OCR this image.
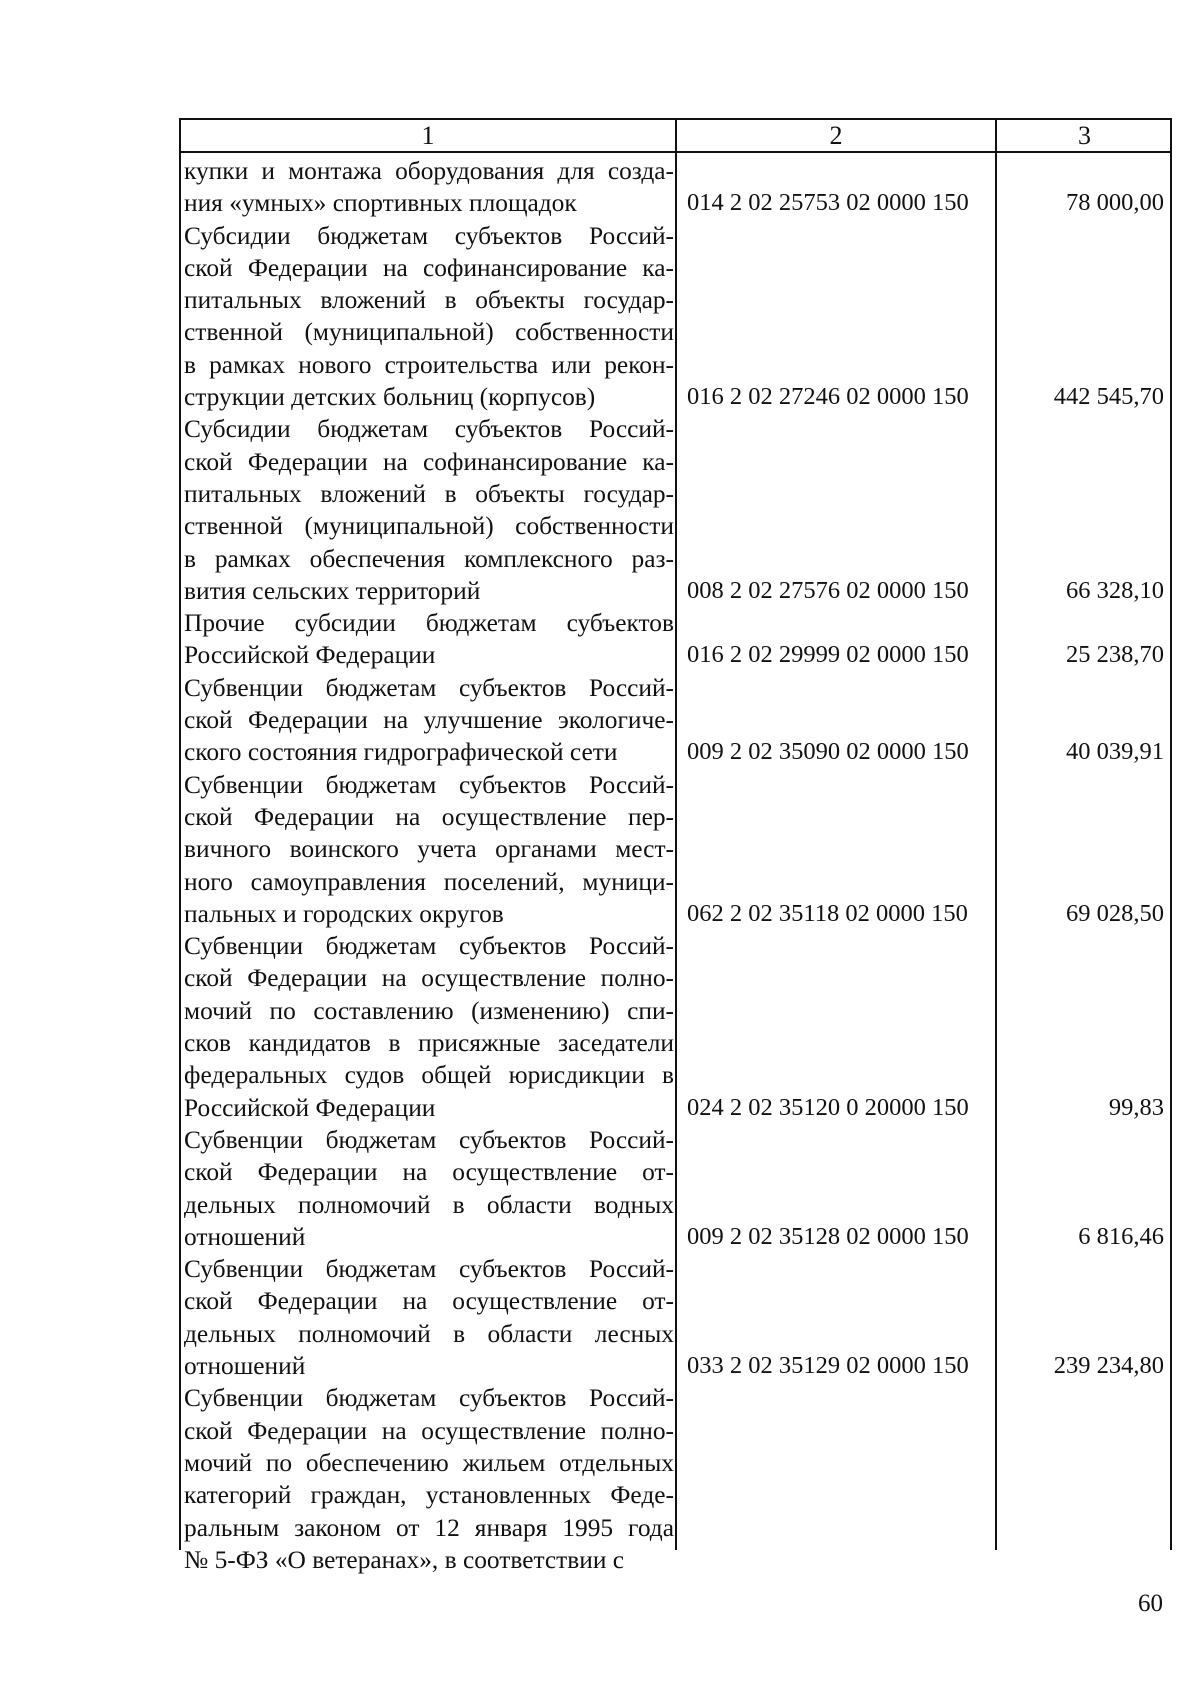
1	2	3
купки и монтажа оборудования для созда-
ния «умных» спортивных площадок	014 2 02 25753 02 0000 150	78 000,00
Субсидии бюджетам субъектов Россий-
ской Федерации на софинансирование ка-
питальных вложений в объекты государ-
ственной (муниципальной) собственности
в рамках нового строительства или рекон-
струкции детских больниц (корпусов)	016 2 02 27246 02 0000 150	442 545,70
Субсидии бюджетам субъектов Россий-
ской Федерации на софинансирование ка-
питальных вложений в объекты государ-
ственной (муниципальной) собственности
в рамках обеспечения комплексного раз-
вития сельских территорий	008 2 02 27576 02 0000 150	66 328,10
Прочие субсидии бюджетам субъектов
Российской Федерации	016 2 02 29999 02 0000 150	25 238,70
Субвенции бюджетам субъектов Россий-
ской Федерации на улучшение экологиче-
ского состояния гидрографической сети	009 2 02 35090 02 0000 150	40 039,91
Субвенции бюджетам субъектов Россий-
ской Федерации на осуществление пер-
вичного воинского учета органами мест-
ного самоуправления поселений, муници-
пальных и городских округов	062 2 02 35118 02 0000 150	69 028,50
Субвенции бюджетам субъектов Россий-
ской Федерации на осуществление полно-
мочий по составлению (изменению) спи-
сков кандидатов в присяжные заседатели
федеральных судов общей юрисдикции в
Российской Федерации	024 2 02 35120 0 20000 150	99,83
Субвенции бюджетам субъектов Россий-
ской Федерации на осуществление от-
дельных полномочий в области водных
отношений	009 2 02 35128 02 0000 150	6 816,46
Субвенции бюджетам субъектов Россий-
ской Федерации на осуществление от-
дельных полномочий в области лесных
отношений	033 2 02 35129 02 0000 150	239 234,80
Субвенции бюджетам субъектов Россий-
ской Федерации на осуществление полно-
мочий по обеспечению жильем отдельных
категорий граждан, установленных Феде-
ральным законом от 12 января 1995 года
№ 5-ФЗ «О ветеранах», в соответствии с
60
